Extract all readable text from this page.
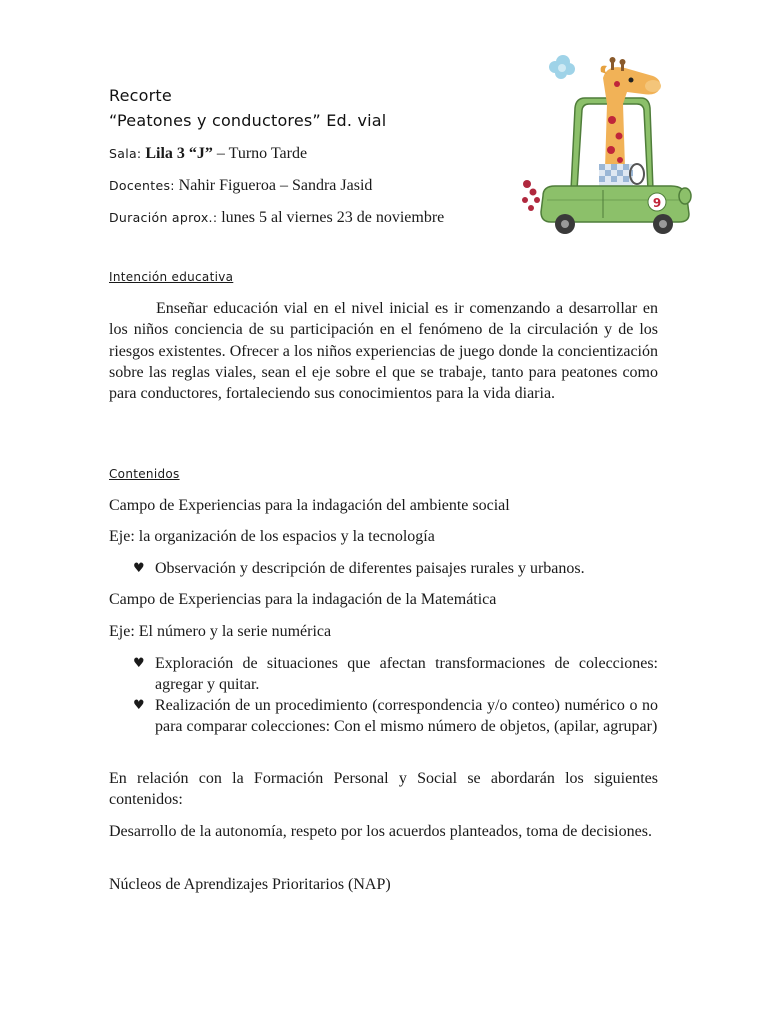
Recorte
“Peatones y conductores” Ed. vial
Sala: Lila 3 “J” – Turno Tarde
Docentes: Nahir Figueroa – Sandra Jasid
Duración aprox.: lunes 5 al viernes 23 de noviembre
9
Intención educativa
Enseñar educación vial en el nivel inicial es ir comenzando a desarrollar en los niños conciencia de su participación en el fenómeno de la circulación y de los riesgos existentes. Ofrecer a los niños experiencias de juego donde la concientización sobre las reglas viales, sean el eje sobre el que se trabaje, tanto para peatones como para conductores, fortaleciendo sus conocimientos para la vida diaria.
Contenidos
Campo de Experiencias para la indagación del ambiente social
Eje: la organización de los espacios y la tecnología
♥ Observación y descripción de diferentes paisajes rurales y urbanos.
Campo de Experiencias para la indagación de la Matemática
Eje: El número y la serie numérica
♥ Exploración de situaciones que afectan transformaciones de colecciones: agregar y quitar.
♥ Realización de un procedimiento (correspondencia y/o conteo) numérico o no para comparar colecciones: Con el mismo número de objetos, (apilar, agrupar)
En relación con la Formación Personal y Social se abordarán los siguientes contenidos:
Desarrollo de la autonomía, respeto por los acuerdos planteados, toma de decisiones.
Núcleos de Aprendizajes Prioritarios (NAP)
